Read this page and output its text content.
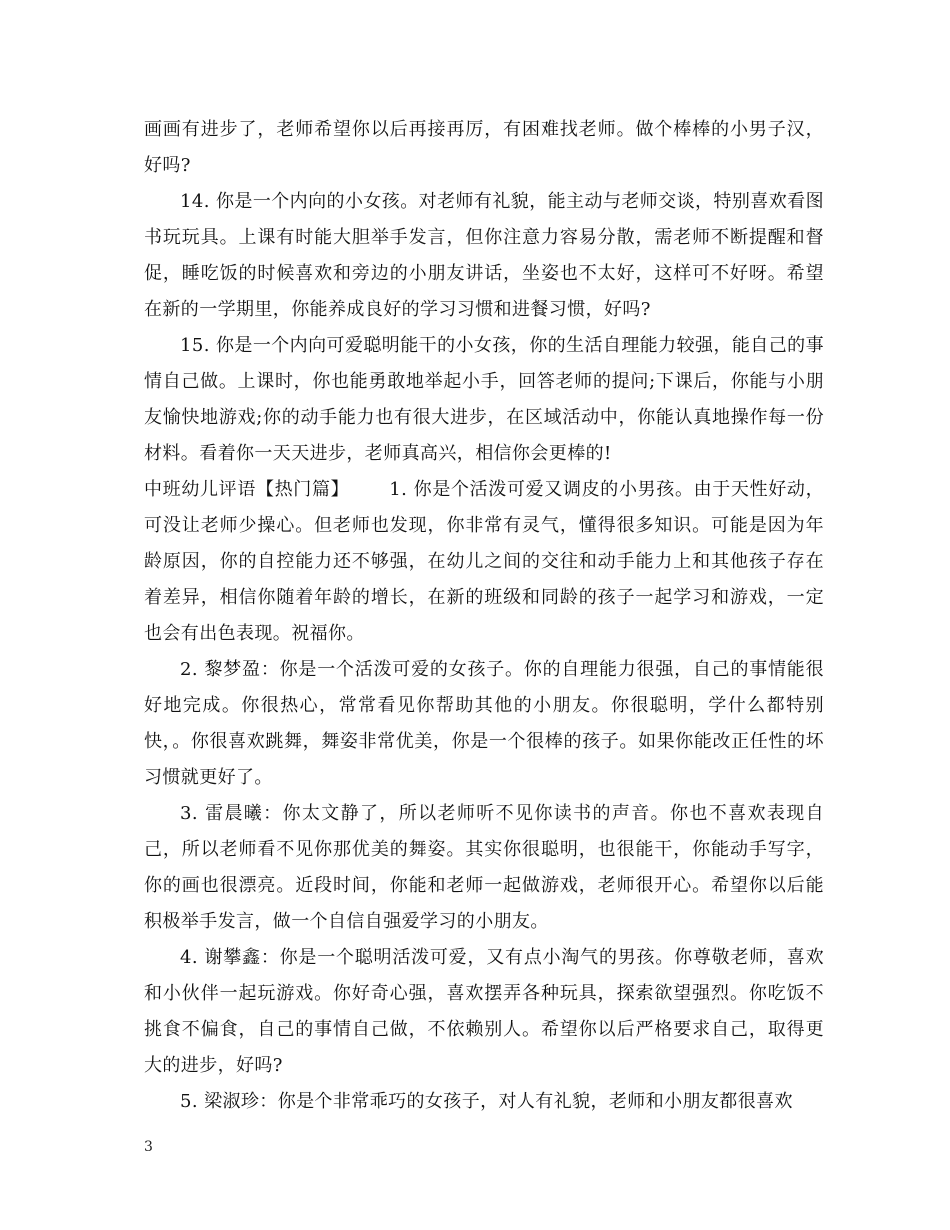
画画有进步了，老师希望你以后再接再厉，有困难找老师。做个棒棒的小男子汉，好吗?

14. 你是一个内向的小女孩。对老师有礼貌，能主动与老师交谈，特别喜欢看图书玩玩具。上课有时能大胆举手发言，但你注意力容易分散，需老师不断提醒和督促，睡吃饭的时候喜欢和旁边的小朋友讲话，坐姿也不太好，这样可不好呀。希望在新的一学期里，你能养成良好的学习习惯和进餐习惯，好吗?

15. 你是一个内向可爱聪明能干的小女孩，你的生活自理能力较强，能自己的事情自己做。上课时，你也能勇敢地举起小手，回答老师的提问;下课后，你能与小朋友愉快地游戏;你的动手能力也有很大进步，在区域活动中，你能认真地操作每一份材料。看着你一天天进步，老师真高兴，相信你会更棒的!

中班幼儿评语【热门篇】 1. 你是个活泼可爱又调皮的小男孩。由于天性好动，可没让老师少操心。但老师也发现，你非常有灵气，懂得很多知识。可能是因为年龄原因，你的自控能力还不够强，在幼儿之间的交往和动手能力上和其他孩子存在着差异，相信你随着年龄的增长，在新的班级和同龄的孩子一起学习和游戏，一定也会有出色表现。祝福你。

2. 黎梦盈：你是一个活泼可爱的女孩子。你的自理能力很强，自己的事情能很好地完成。你很热心，常常看见你帮助其他的小朋友。你很聪明，学什么都特别快，。你很喜欢跳舞，舞姿非常优美，你是一个很棒的孩子。如果你能改正任性的坏习惯就更好了。

3. 雷晨曦：你太文静了，所以老师听不见你读书的声音。你也不喜欢表现自己，所以老师看不见你那优美的舞姿。其实你很聪明，也很能干，你能动手写字，你的画也很漂亮。近段时间，你能和老师一起做游戏，老师很开心。希望你以后能积极举手发言，做一个自信自强爱学习的小朋友。

4. 谢攀鑫：你是一个聪明活泼可爱，又有点小淘气的男孩。你尊敬老师，喜欢和小伙伴一起玩游戏。你好奇心强，喜欢摆弄各种玩具，探索欲望强烈。你吃饭不挑食不偏食，自己的事情自己做，不依赖别人。希望你以后严格要求自己，取得更大的进步，好吗?

5. 梁淑珍：你是个非常乖巧的女孩子，对人有礼貌，老师和小朋友都很喜欢

3
